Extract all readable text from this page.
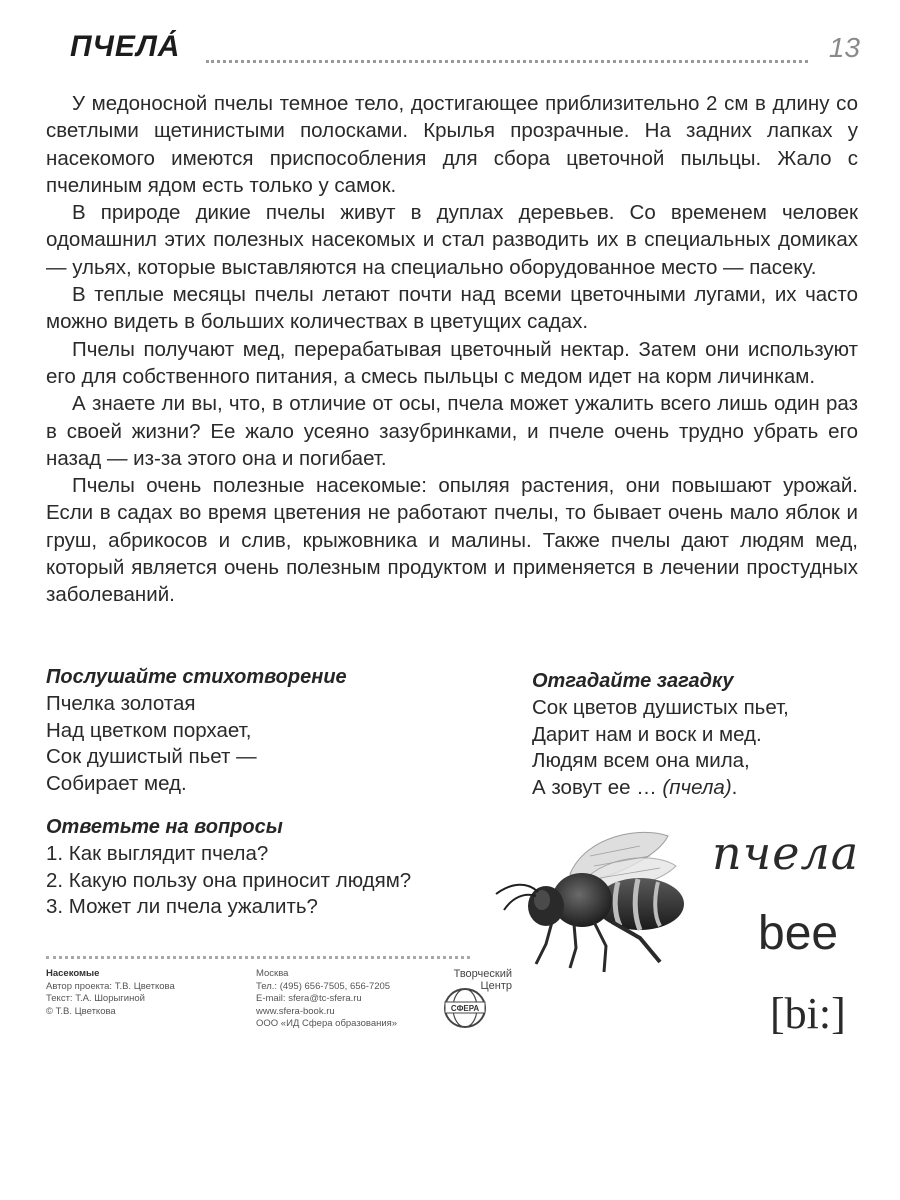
ПЧЕЛА́	13

У медоносной пчелы темное тело, достигающее приблизительно 2 см в длину со светлыми щетинистыми полосками. Крылья прозрачные. На задних лапках у насекомого имеются приспособления для сбора цветочной пыльцы. Жало с пчелиным ядом есть только у самок.

В природе дикие пчелы живут в дуплах деревьев. Со временем человек одомашнил этих полезных насекомых и стал разводить их в специальных домиках — ульях, которые выставляются на специально оборудованное место — пасеку.

В теплые месяцы пчелы летают почти над всеми цветочными лугами, их часто можно видеть в больших количествах в цветущих садах.

Пчелы получают мед, перерабатывая цветочный нектар. Затем они используют его для собственного питания, а смесь пыльцы с медом идет на корм личинкам.

А знаете ли вы, что, в отличие от осы, пчела может ужалить всего лишь один раз в своей жизни? Ее жало усеяно зазубринками, и пчеле очень трудно убрать его назад — из-за этого она и погибает.

Пчелы очень полезные насекомые: опыляя растения, они повышают урожай. Если в садах во время цветения не работают пчелы, то бывает очень мало яблок и груш, абрикосов и слив, крыжовника и малины. Также пчелы дают людям мед, который является очень полезным продуктом и применяется в лечении простудных заболеваний.

Послушайте стихотворение

Пчелка золотая

Над цветком порхает,

Сок душистый пьет —

Собирает мед.

Отгадайте загадку

Сок цветов душистых пьет,

Дарит нам и воск и мед.

Людям всем она мила,

А зовут ее … (пчела).

Ответьте на вопросы
1. Как выглядит пчела?
2. Какую пользу она приносит людям?
3. Может ли пчела ужалить?
пчела
bee
[bi:]
Насекомые
Автор проекта: Т.В. Цветкова
Текст: Т.А. Шорыгиной
© Т.В. Цветкова
Москва
Тел.: (495) 656-7505, 656-7205
E-mail: sfera@tc-sfera.ru
www.sfera-book.ru
ООО «ИД Сфера образования»
Творческий Центр
СФЕРА
